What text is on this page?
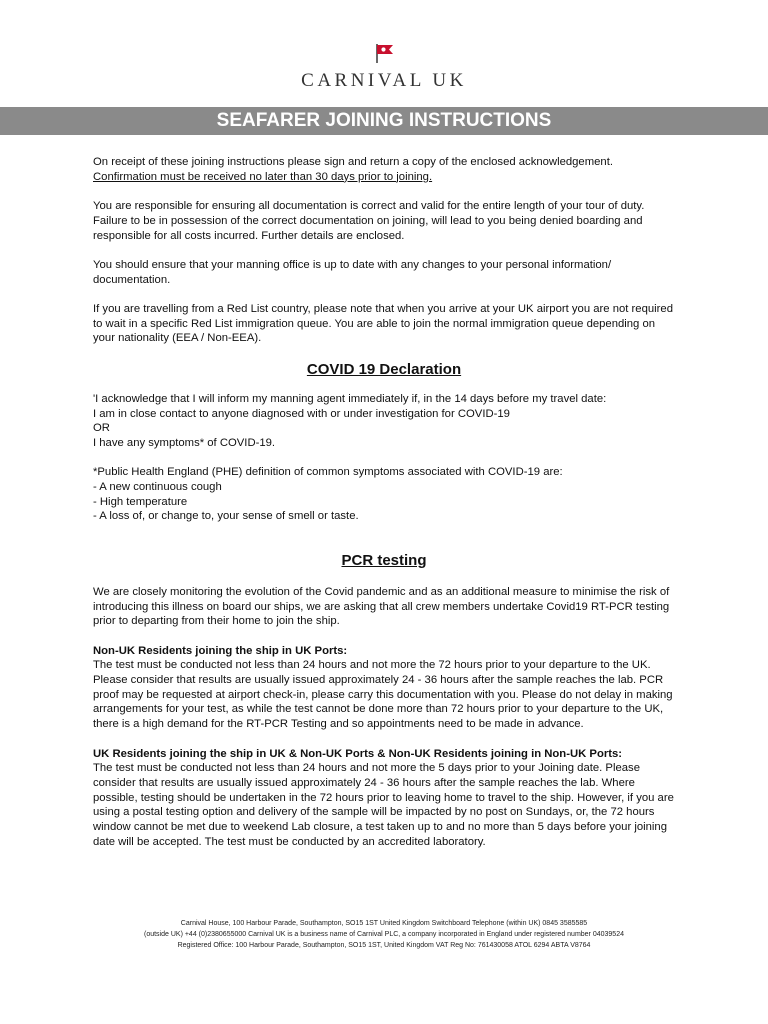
CARNIVAL UK
SEAFARER JOINING INSTRUCTIONS

On receipt of these joining instructions please sign and return a copy of the enclosed acknowledgement.
Confirmation must be received no later than 30 days prior to joining.

You are responsible for ensuring all documentation is correct and valid for the entire length of your tour of duty. Failure to be in possession of the correct documentation on joining, will lead to you being denied boarding and responsible for all costs incurred. Further details are enclosed.

You should ensure that your manning office is up to date with any changes to your personal information/ documentation.

If you are travelling from a Red List country, please note that when you arrive at your UK airport you are not required to wait in a specific Red List immigration queue. You are able to join the normal immigration queue depending on your nationality (EEA / Non-EEA).

COVID 19 Declaration

'I acknowledge that I will inform my manning agent immediately if, in the 14 days before my travel date:
I am in close contact to anyone diagnosed with or under investigation for COVID-19
OR
I have any symptoms* of COVID-19.

*Public Health England (PHE) definition of common symptoms associated with COVID-19 are:
- A new continuous cough
- High temperature
- A loss of, or change to, your sense of smell or taste.

PCR testing

We are closely monitoring the evolution of the Covid pandemic and as an additional measure to minimise the risk of introducing this illness on board our ships, we are asking that all crew members undertake Covid19 RT-PCR testing prior to departing from their home to join the ship.

Non-UK Residents joining the ship in UK Ports:
The test must be conducted not less than 24 hours and not more the 72 hours prior to your departure to the UK. Please consider that results are usually issued approximately 24 - 36 hours after the sample reaches the lab. PCR proof may be requested at airport check-in, please carry this documentation with you. Please do not delay in making arrangements for your test, as while the test cannot be done more than 72 hours prior to your departure to the UK, there is a high demand for the RT-PCR Testing and so appointments need to be made in advance.

UK Residents joining the ship in UK & Non-UK Ports & Non-UK Residents joining in Non-UK Ports:
The test must be conducted not less than 24 hours and not more the 5 days prior to your Joining date. Please consider that results are usually issued approximately 24 - 36 hours after the sample reaches the lab. Where possible, testing should be undertaken in the 72 hours prior to leaving home to travel to the ship. However, if you are using a postal testing option and delivery of the sample will be impacted by no post on Sundays, or, the 72 hours window cannot be met due to weekend Lab closure, a test taken up to and no more than 5 days before your joining date will be accepted. The test must be conducted by an accredited laboratory.

Carnival House, 100 Harbour Parade, Southampton, SO15 1ST United Kingdom Switchboard Telephone (within UK) 0845 3585585

(outside UK) +44 (0)2380655000 Carnival UK is a business name of Carnival PLC, a company incorporated in England under registered number 04039524

Registered Office: 100 Harbour Parade, Southampton, SO15 1ST, United Kingdom VAT Reg No: 761430058 ATOL 6294 ABTA V8764
